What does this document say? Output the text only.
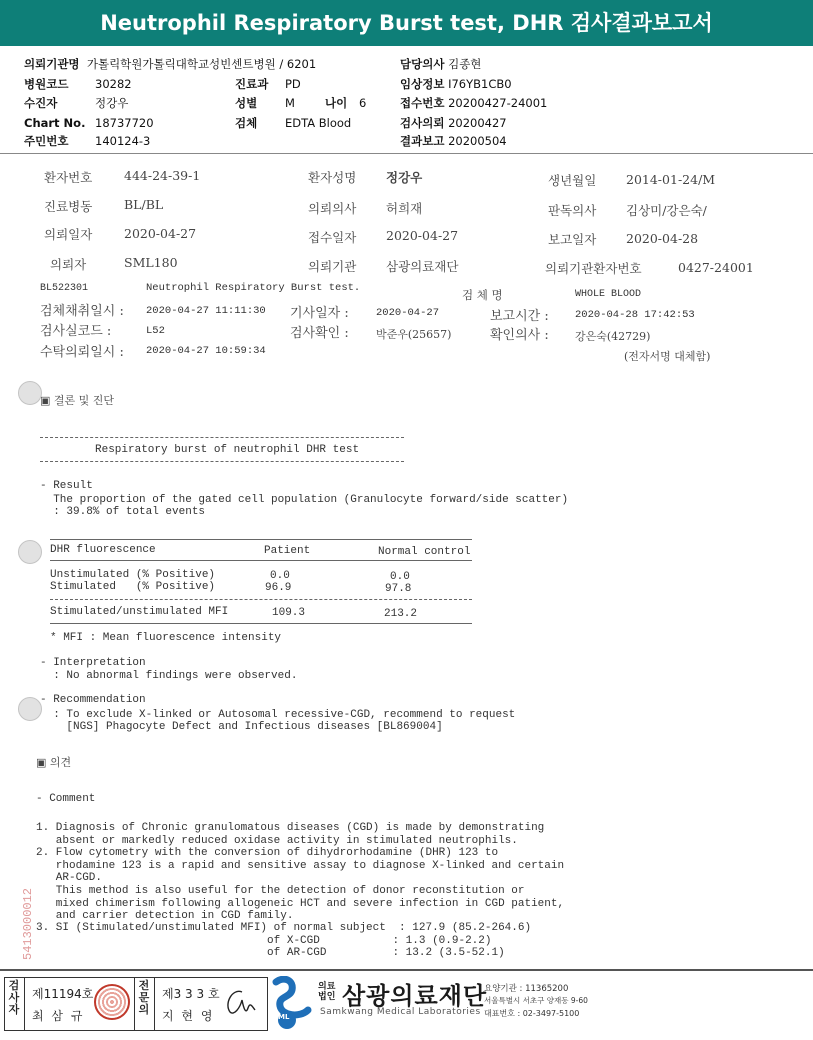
Neutrophil Respiratory Burst test, DHR 검사결과보고서
의뢰기관명 가톨릭학원가톨릭대학교성빈센트병원 / 6201
병원코드 30282
수진자	정강우
Chart No. 18737720
주민번호 140124-3
진료과 PD
성별 M	나이 6
검체 EDTA Blood
담당의사 김종현
임상정보 I76YB1CB0
접수번호 20200427-24001
검사의뢰 20200427
결과보고 20200504
환자번호	444-24-39-1	환자성명 정강우	생년월일 2014-01-24/M
진료병동	BL/BL	의뢰의사 허희재	판독의사 김상미/강은숙/
의뢰일자	2020-04-27	접수일자 2020-04-27	보고일자 2020-04-28
의뢰자	SML180	의뢰기관 삼광의료재단	의뢰기관환자번호	0427-24001
BL522301	Neutrophil Respiratory Burst test.	검 체 명	WHOLE BLOOD
검체채취일시 : 2020-04-27 11:11:30 기사일자 :	2020-04-27	보고시간 :	2020-04-28 17:42:53
검사실코드 :	L52	검사확인 : 박준우(25657)	확인의사 : 강은숙(42729)
수탁의뢰일시 : 2020-04-27 10:59:34	(전자서명 대체함)
▣ 결론 및 진단
Respiratory burst of neutrophil DHR test
- Result
The proportion of the gated cell population (Granulocyte forward/side scatter)
: 39.8% of total events
DHR fluorescence	Patient	Normal control
Unstimulated (% Positive)	0.0	0.0
Stimulated   (% Positive)	96.9	97.8
Stimulated/unstimulated MFI	109.3	213.2
* MFI : Mean fluorescence intensity
- Interpretation
: No abnormal findings were observed.
- Recommendation
: To exclude X-linked or Autosomal recessive-CGD, recommend to request
[NGS] Phagocyte Defect and Infectious diseases [BL869004]
▣ 의견
- Comment
1. Diagnosis of Chronic granulomatous diseases (CGD) is made by demonstrating
absent or markedly reduced oxidase activity in stimulated neutrophils.
2. Flow cytometry with the conversion of dihydrorhodamine (DHR) 123 to
rhodamine 123 is a rapid and sensitive assay to diagnose X-linked and certain
AR-CGD.
This method is also useful for the detection of donor reconstitution or
mixed chimerism following allogeneic HCT and severe infection in CGD patient,
and carrier detection in CGD family.
3. SI (Stimulated/unstimulated MFI) of normal subject  : 127.9 (85.2-264.6)
of X-CGD           : 1.3 (0.9-2.2)
of AR-CGD          : 13.2 (3.5-52.1)
5413000012
검
사
자
제11194호
최 삼 규
전
문
의
제3 3 3 호
지 현 영	SML
의료법인 삼광의료재단
Samkwang Medical Laboratories
요양기관 : 11365200
서울특별시 서초구 양재동 9-60
대표번호 : 02-3497-5100
